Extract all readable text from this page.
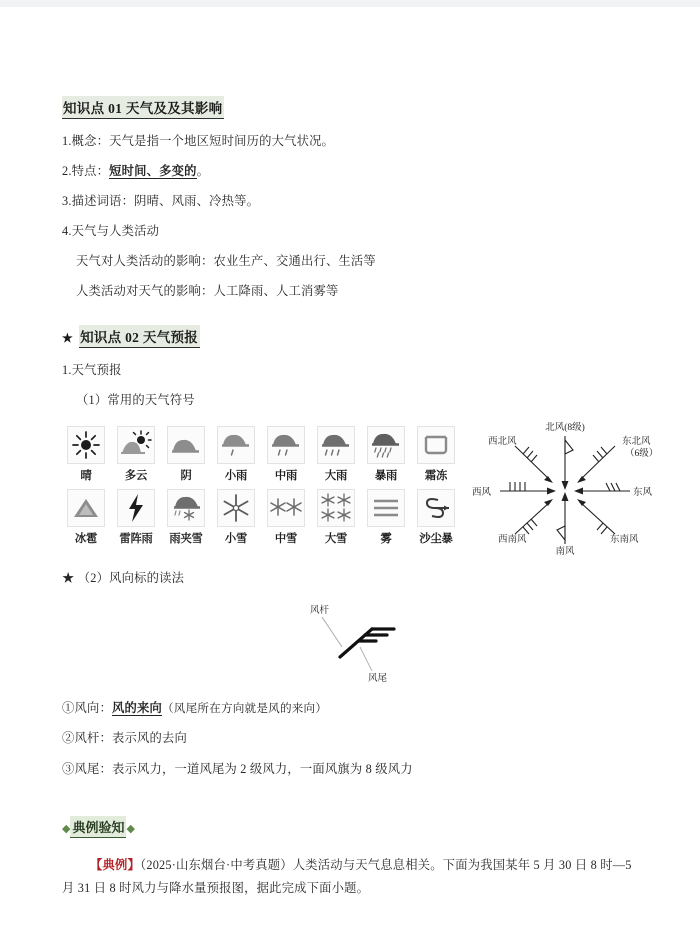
知识点 01 天气及及其影响

1.概念：天气是指一个地区短时间历的大气状况。

2.特点：短时间、多变的。

3.描述词语：阴晴、风雨、冷热等。

4.天气与人类活动

天气对人类活动的影响：农业生产、交通出行、生活等

人类活动对天气的影响：人工降雨、人工消雾等

★ 知识点 02 天气预报

1.天气预报

（1）常用的天气符号

晴	多云	阴	小雨	中雨	大雨	暴雨	霜冻
冰雹	雷阵雨	雨夹雪	小雪	中雪	大雪	雾	沙尘暴
北风(8级)
东北风
（6级）
东风
东南风
南风
西南风
西风
西北风

★ （2）风向标的读法

风杆
风尾

①风向：风的来向（风尾所在方向就是风的来向）

②风杆：表示风的去向

③风尾：表示风力，一道风尾为 2 级风力，一面风旗为 8 级风力

◆ 典例验知 ◆

【典例】（2025·山东烟台·中考真题）人类活动与天气息息相关。下面为我国某年 5 月 30 日 8 时—5 月 31 日 8 时风力与降水量预报图，据此完成下面小题。
